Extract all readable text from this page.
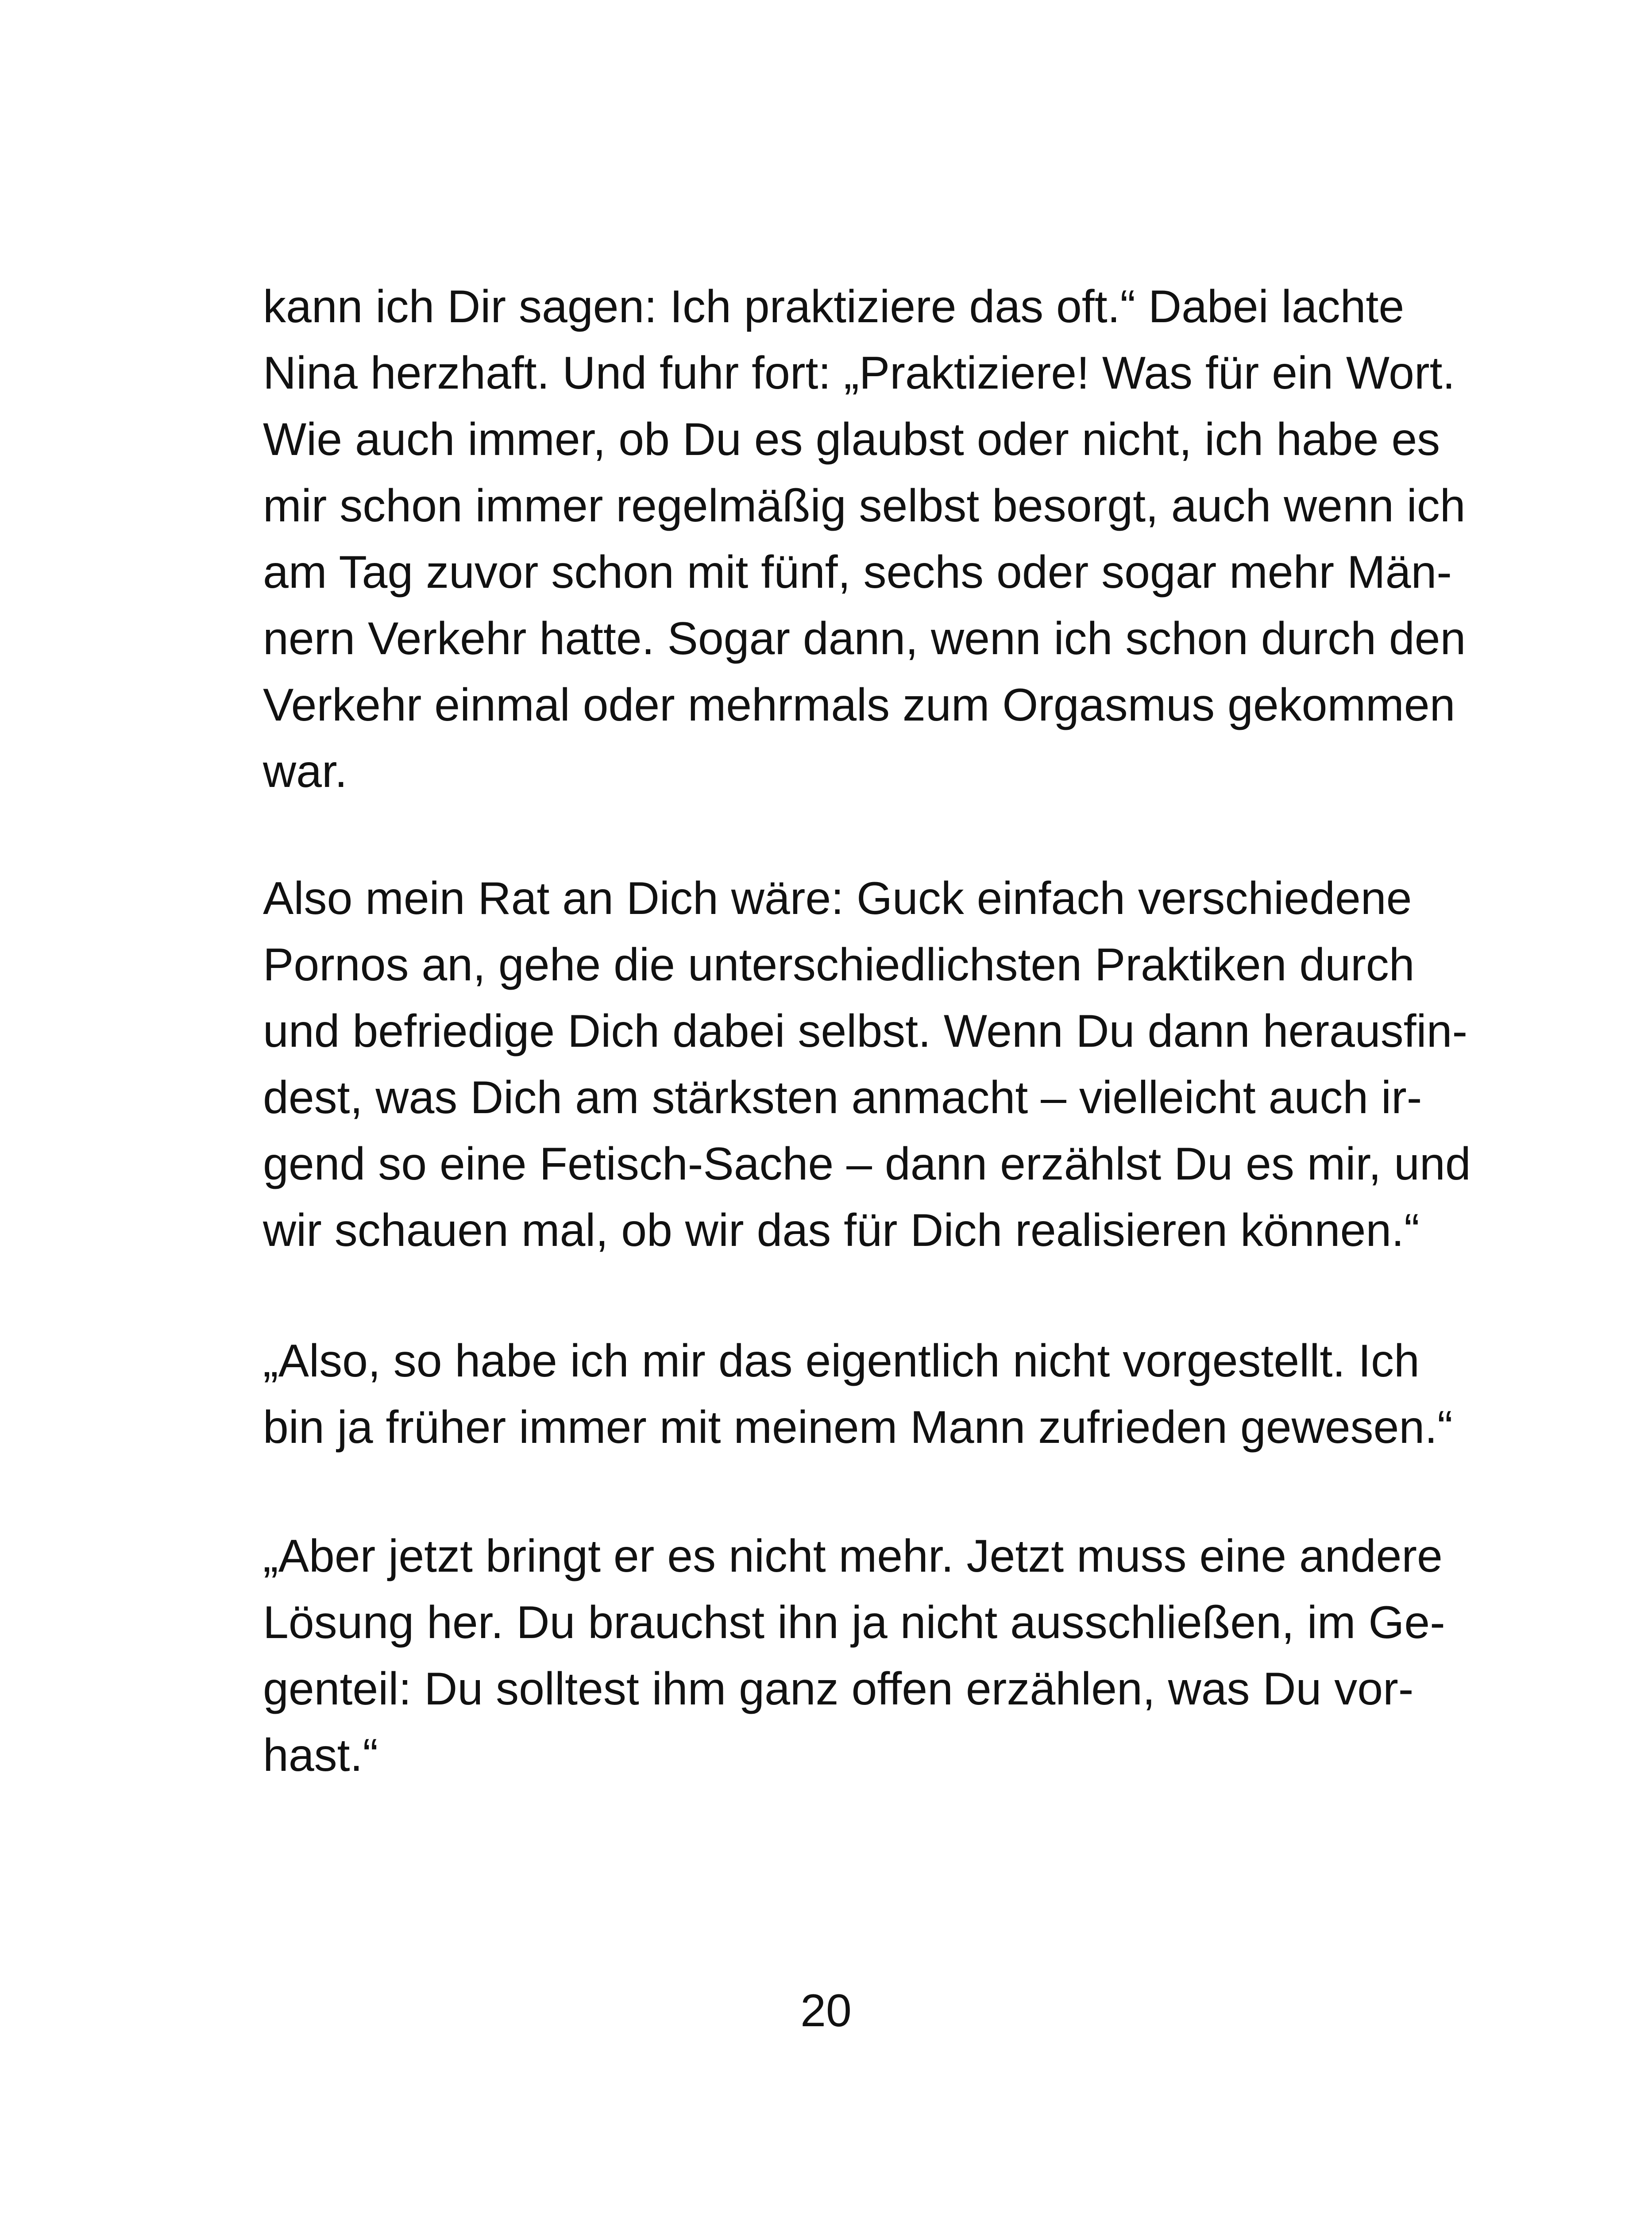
kann ich Dir sagen: Ich praktiziere das oft.“ Dabei lachte
Nina herzhaft. Und fuhr fort: „Praktiziere! Was für ein Wort.
Wie auch immer, ob Du es glaubst oder nicht, ich habe es
mir schon immer regelmäßig selbst besorgt, auch wenn ich
am Tag zuvor schon mit fünf, sechs oder sogar mehr Män-
nern Verkehr hatte. Sogar dann, wenn ich schon durch den
Verkehr einmal oder mehrmals zum Orgasmus gekommen
war.
Also mein Rat an Dich wäre: Guck einfach verschiedene
Pornos an, gehe die unterschiedlichsten Praktiken durch
und befriedige Dich dabei selbst. Wenn Du dann herausfin-
dest, was Dich am stärksten anmacht – vielleicht auch ir-
gend so eine Fetisch-Sache – dann erzählst Du es mir, und
wir schauen mal, ob wir das für Dich realisieren können.“
„Also, so habe ich mir das eigentlich nicht vorgestellt. Ich
bin ja früher immer mit meinem Mann zufrieden gewesen.“
„Aber jetzt bringt er es nicht mehr. Jetzt muss eine andere
Lösung her. Du brauchst ihn ja nicht ausschließen, im Ge-
genteil: Du solltest ihm ganz offen erzählen, was Du vor-
hast.“
20
